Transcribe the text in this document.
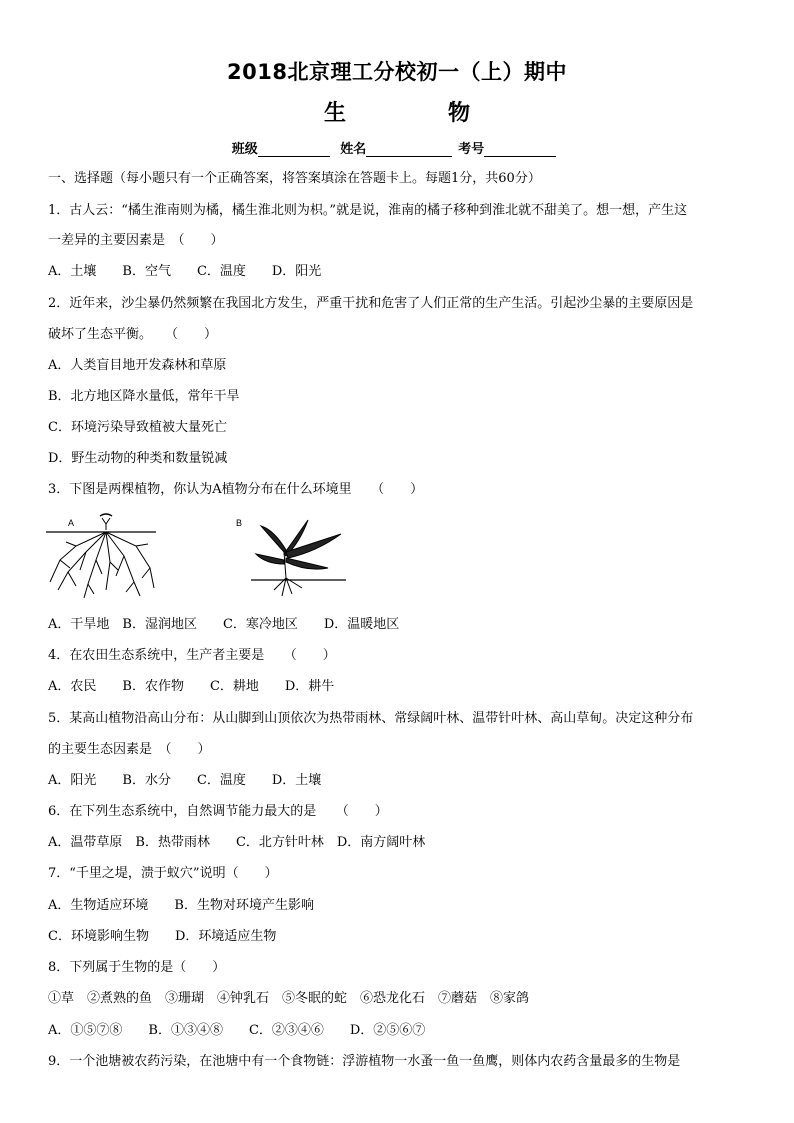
2018北京理工分校初一（上）期中
生　物
班级	姓名	考号
一、选择题（每小题只有一个正确答案，将答案填涂在答题卡上。每题1分，共60分）
1．古人云：“橘生淮南则为橘，橘生淮北则为枳。”就是说，淮南的橘子移种到淮北就不甜美了。想一想，产生这
一差异的主要因素是　（　　）
A．土壤　　B．空气　　C．温度　　D．阳光
2．近年来，沙尘暴仍然频繁在我国北方发生，严重干扰和危害了人们正常的生产生活。引起沙尘暴的主要原因是
破坏了生态平衡。　　（　　）
A．人类盲目地开发森林和草原
B．北方地区降水量低，常年干旱
C．环境污染导致植被大量死亡
D．野生动物的种类和数量锐减
3．下图是两棵植物，你认为A植物分布在什么环境里　　（　　）
A	B
A．干旱地　B．湿润地区　　C．寒冷地区　　D．温暖地区
4．在农田生态系统中，生产者主要是　　（　　）
A．农民　　B．农作物　　C．耕地　　D．耕牛
5．某高山植物沿高山分布：从山脚到山顶依次为热带雨林、常绿阔叶林、温带针叶林、高山草甸。决定这种分布
的主要生态因素是　（　　）
A．阳光　　B．水分　　C．温度　　D．土壤
6．在下列生态系统中，自然调节能力最大的是　　（　　）
A．温带草原　B．热带雨林　　C．北方针叶林　D．南方阔叶林
7．“千里之堤，溃于蚁穴”说明（　　）
A．生物适应环境　　B．生物对环境产生影响
C．环境影响生物　　D．环境适应生物
8．下列属于生物的是（　　）
①草　②煮熟的鱼　③珊瑚　④钟乳石　⑤冬眠的蛇　⑥恐龙化石　⑦蘑菇　⑧家鸽
A．①⑤⑦⑧　　B．①③④⑧　　C．②③④⑥　　D．②⑤⑥⑦
9．一个池塘被农药污染，在池塘中有一个食物链：浮游植物一水蚤一鱼一鱼鹰，则体内农药含量最多的生物是
